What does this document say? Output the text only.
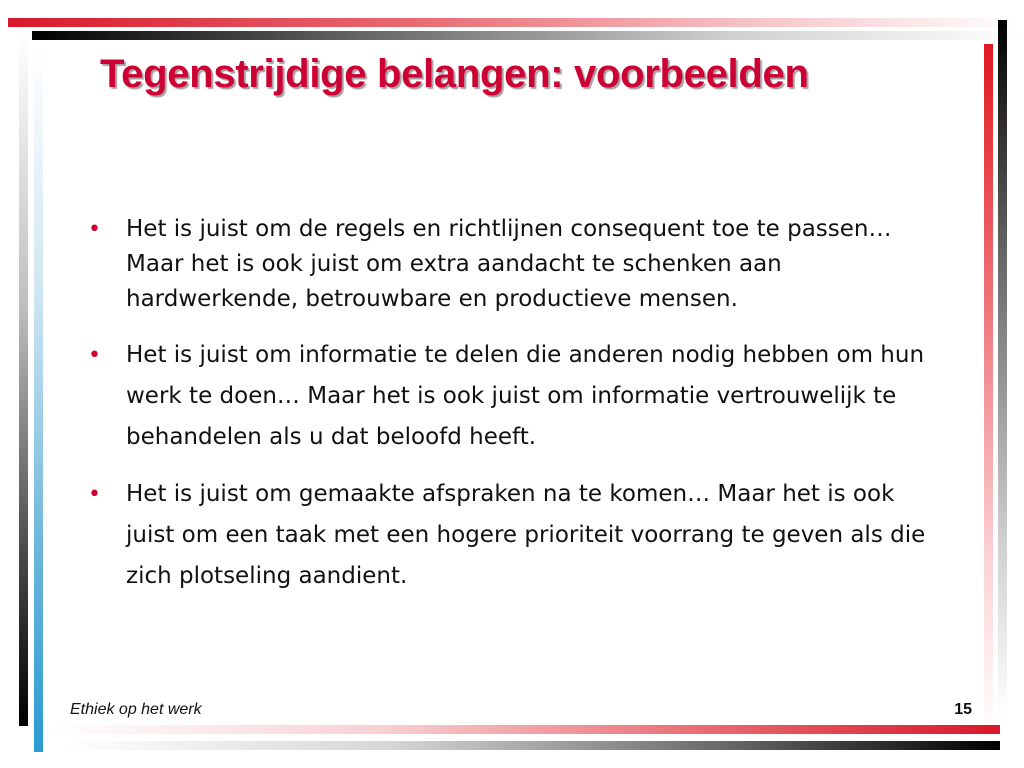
Tegenstrijdige belangen: voorbeelden
• Het is juist om de regels en richtlijnen consequent toe te passen… Maar het is ook juist om extra aandacht te schenken aan hardwerkende, betrouwbare en productieve mensen.
• Het is juist om informatie te delen die anderen nodig hebben om hun werk te doen… Maar het is ook juist om informatie vertrouwelijk te behandelen als u dat beloofd heeft.
• Het is juist om gemaakte afspraken na te komen… Maar het is ook juist om een taak met een hogere prioriteit voorrang te geven als die zich plotseling aandient.
Ethiek op het werk	15
